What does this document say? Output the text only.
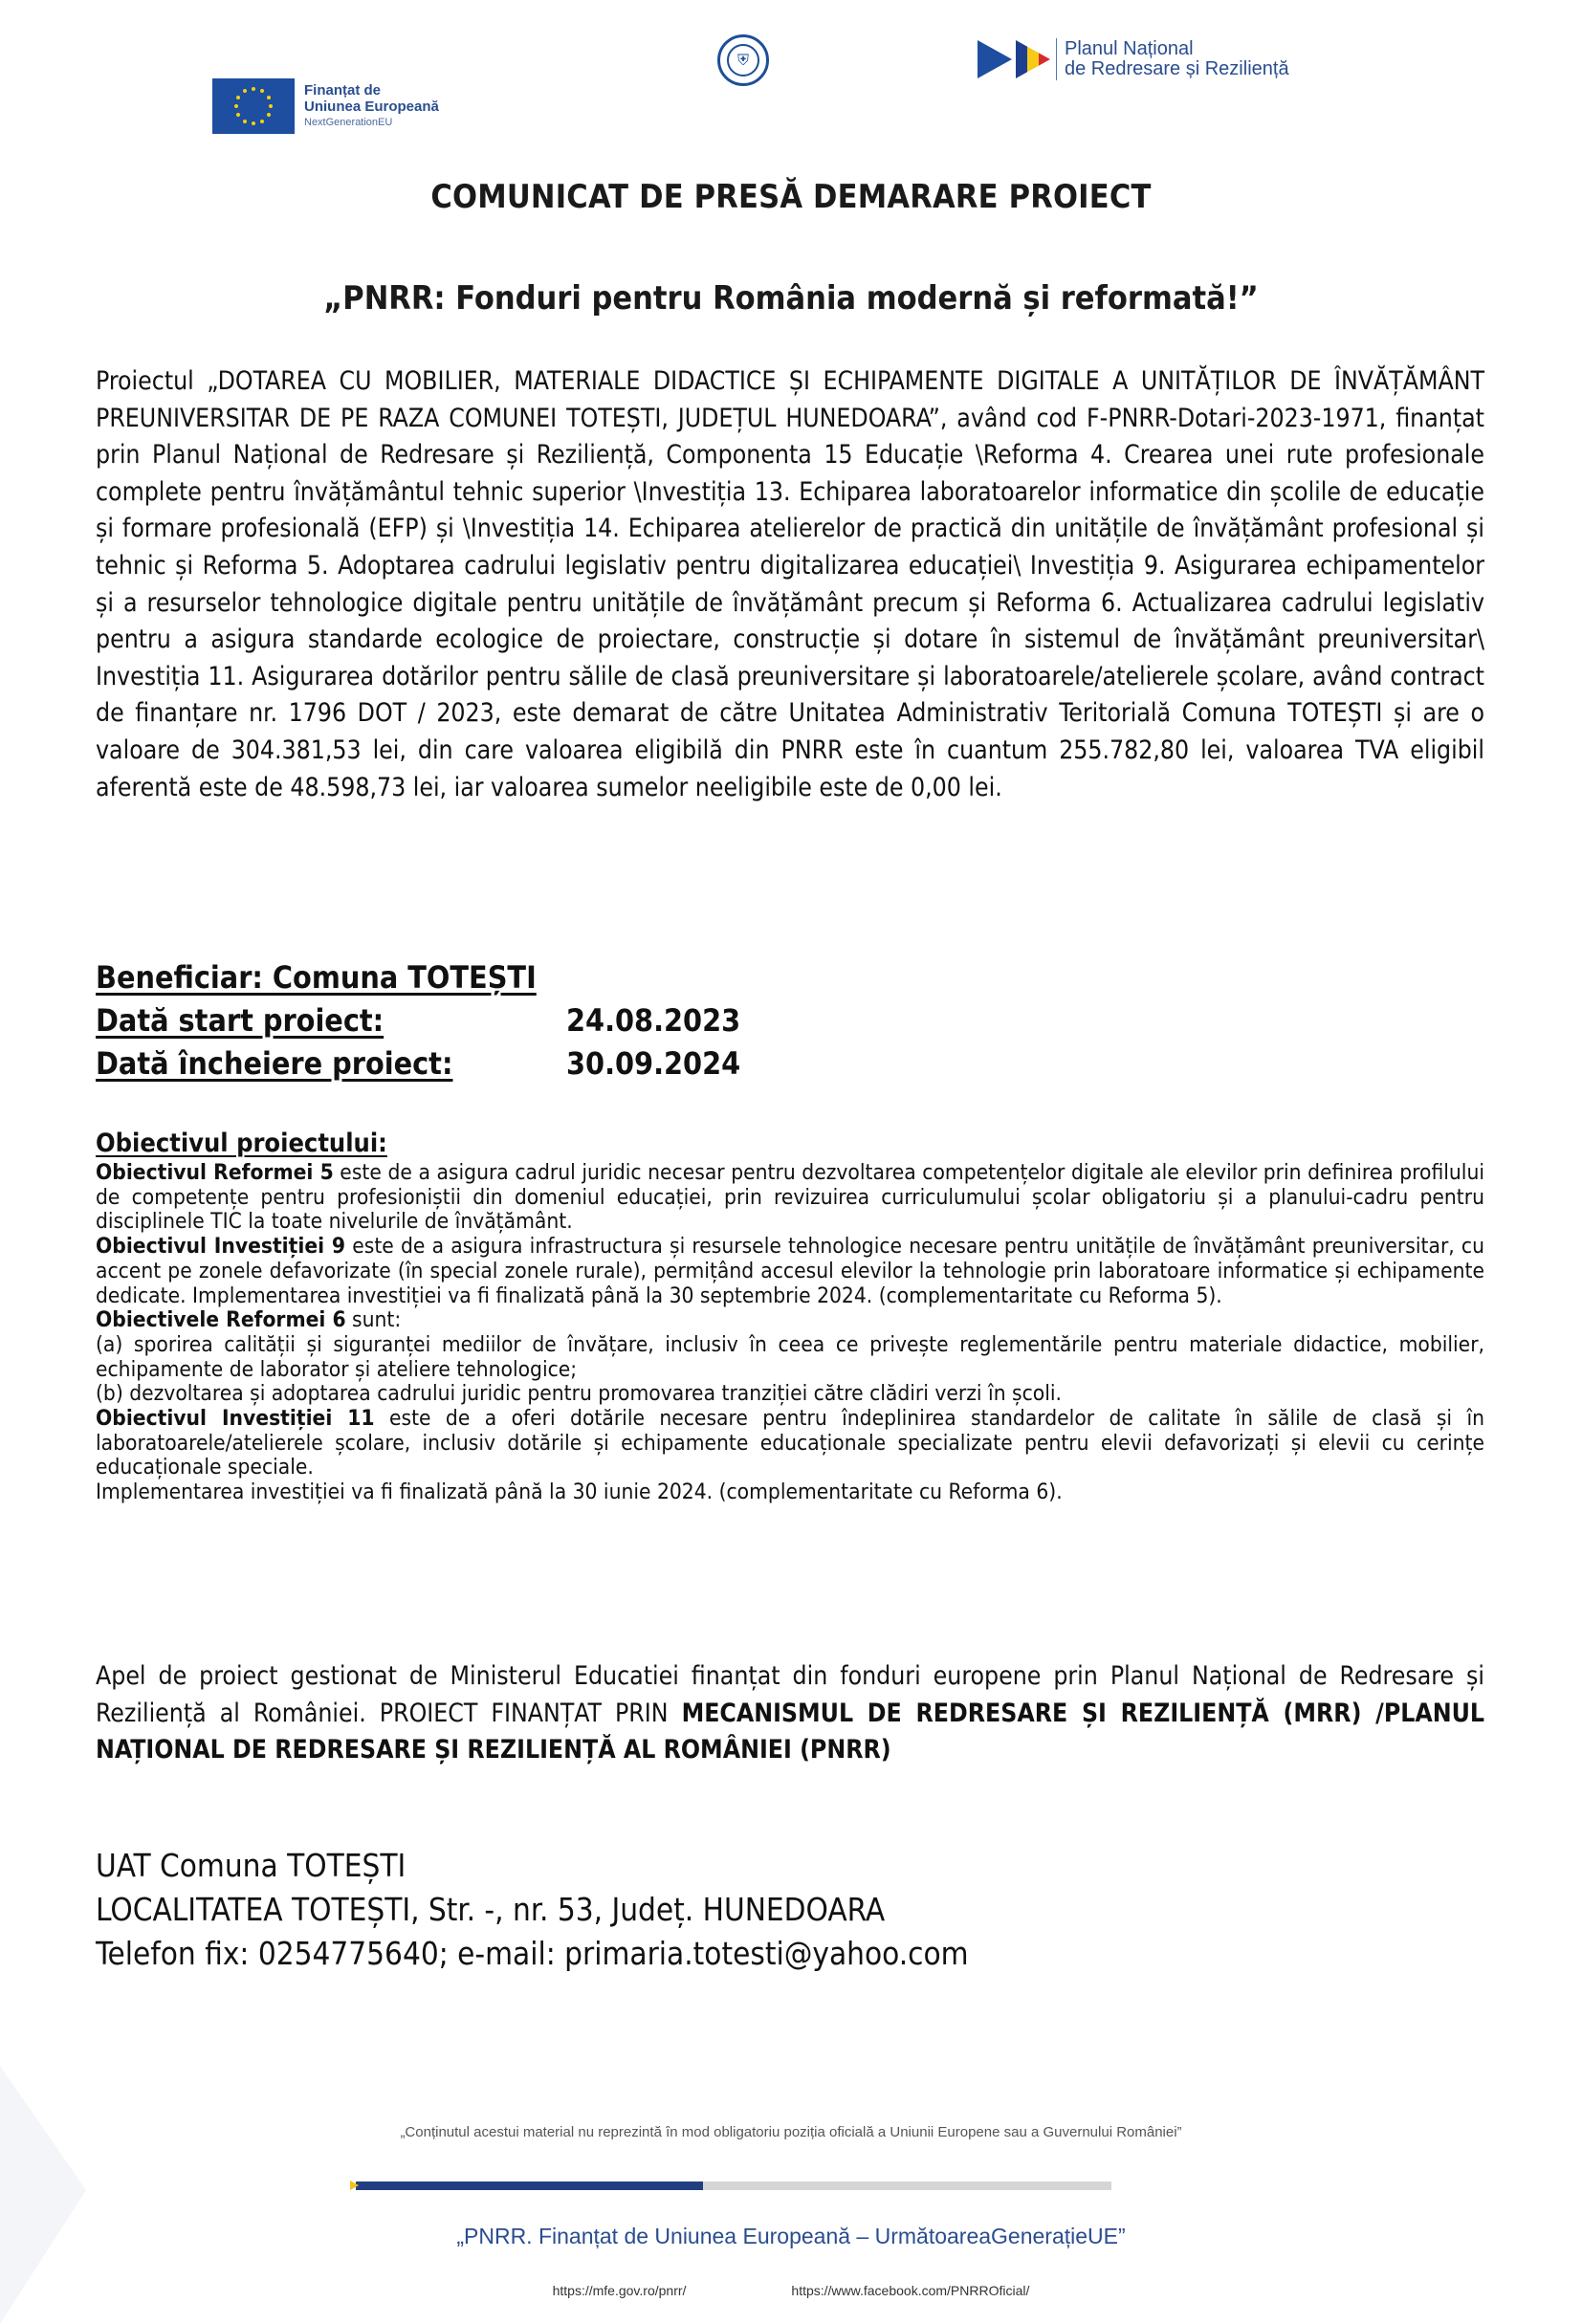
Finanțat de
Uniunea Europeană
NextGenerationEU
⛨
Planul Național
de Redresare și Reziliență
COMUNICAT DE PRESĂ DEMARARE PROIECT
„PNRR: Fonduri pentru România modernă și reformată!”
Proiectul „DOTAREA CU MOBILIER, MATERIALE DIDACTICE ȘI ECHIPAMENTE DIGITALE A UNITĂȚILOR DE ÎNVĂȚĂMÂNT PREUNIVERSITAR DE PE RAZA COMUNEI TOTEȘTI, JUDEȚUL HUNEDOARA”, având cod F-PNRR-Dotari-2023-1971, finanțat prin Planul Național de Redresare și Reziliență, Componenta 15 Educație \Reforma 4. Crearea unei rute profesionale complete pentru învățământul tehnic superior \Investiția 13. Echiparea laboratoarelor informatice din școlile de educație și formare profesională (EFP) și \Investiția 14. Echiparea atelierelor de practică din unitățile de învățământ profesional și tehnic și Reforma 5. Adoptarea cadrului legislativ pentru digitalizarea educației\ Investiția 9. Asigurarea echipamentelor și a resurselor tehnologice digitale pentru unitățile de învățământ precum și Reforma 6. Actualizarea cadrului legislativ pentru a asigura standarde ecologice de proiectare, construcție și dotare în sistemul de învățământ preuniversitar\ Investiția 11. Asigurarea dotărilor pentru sălile de clasă preuniversitare și laboratoarele/atelierele școlare, având contract de finanțare nr. 1796 DOT / 2023, este demarat de către Unitatea Administrativ Teritorială Comuna TOTEȘTI și are o valoare de 304.381,53 lei, din care valoarea eligibilă din PNRR este în cuantum 255.782,80 lei, valoarea TVA eligibil aferentă este de 48.598,73 lei, iar valoarea sumelor neeligibile este de 0,00 lei.
Beneficiar: Comuna TOTEȘTI
Dată start proiect:	24.08.2023
Dată încheiere proiect:	30.09.2024
Obiectivul proiectului:

Obiectivul Reformei 5 este de a asigura cadrul juridic necesar pentru dezvoltarea competențelor digitale ale elevilor prin definirea profilului de competențe pentru profesioniștii din domeniul educației, prin revizuirea curriculumului școlar obligatoriu și a planului-cadru pentru disciplinele TIC la toate nivelurile de învățământ.

Obiectivul Investiției 9 este de a asigura infrastructura și resursele tehnologice necesare pentru unitățile de învățământ preuniversitar, cu accent pe zonele defavorizate (în special zonele rurale), permițând accesul elevilor la tehnologie prin laboratoare informatice și echipamente dedicate. Implementarea investiției va fi finalizată până la 30 septembrie 2024. (complementaritate cu Reforma 5).

Obiectivele Reformei 6 sunt:

(a) sporirea calității și siguranței mediilor de învățare, inclusiv în ceea ce privește reglementările pentru materiale didactice, mobilier, echipamente de laborator și ateliere tehnologice;

(b) dezvoltarea și adoptarea cadrului juridic pentru promovarea tranziției către clădiri verzi în școli.

Obiectivul Investiției 11 este de a oferi dotările necesare pentru îndeplinirea standardelor de calitate în sălile de clasă și în laboratoarele/atelierele școlare, inclusiv dotările și echipamente educaționale specializate pentru elevii defavorizați și elevii cu cerințe educaționale speciale.

Implementarea investiției va fi finalizată până la 30 iunie 2024. (complementaritate cu Reforma 6).

Apel de proiect gestionat de Ministerul Educatiei finanțat din fonduri europene prin Planul Național de Redresare și Reziliență al României. PROIECT FINANȚAT PRIN MECANISMUL DE REDRESARE ȘI REZILIENȚĂ (MRR) /PLANUL NAȚIONAL DE REDRESARE ȘI REZILIENȚĂ AL ROMÂNIEI (PNRR)
UAT Comuna TOTEȘTI
LOCALITATEA TOTEȘTI, Str. -, nr. 53, Județ. HUNEDOARA
Telefon fix: 0254775640; e-mail: primaria.totesti@yahoo.com
„Conținutul acestui material nu reprezintă în mod obligatoriu poziția oficială a Uniunii Europene sau a Guvernului României”
„PNRR. Finanțat de Uniunea Europeană – UrmătoareaGenerațieUE”
https://mfe.gov.ro/pnrr/	https://www.facebook.com/PNRROficial/
